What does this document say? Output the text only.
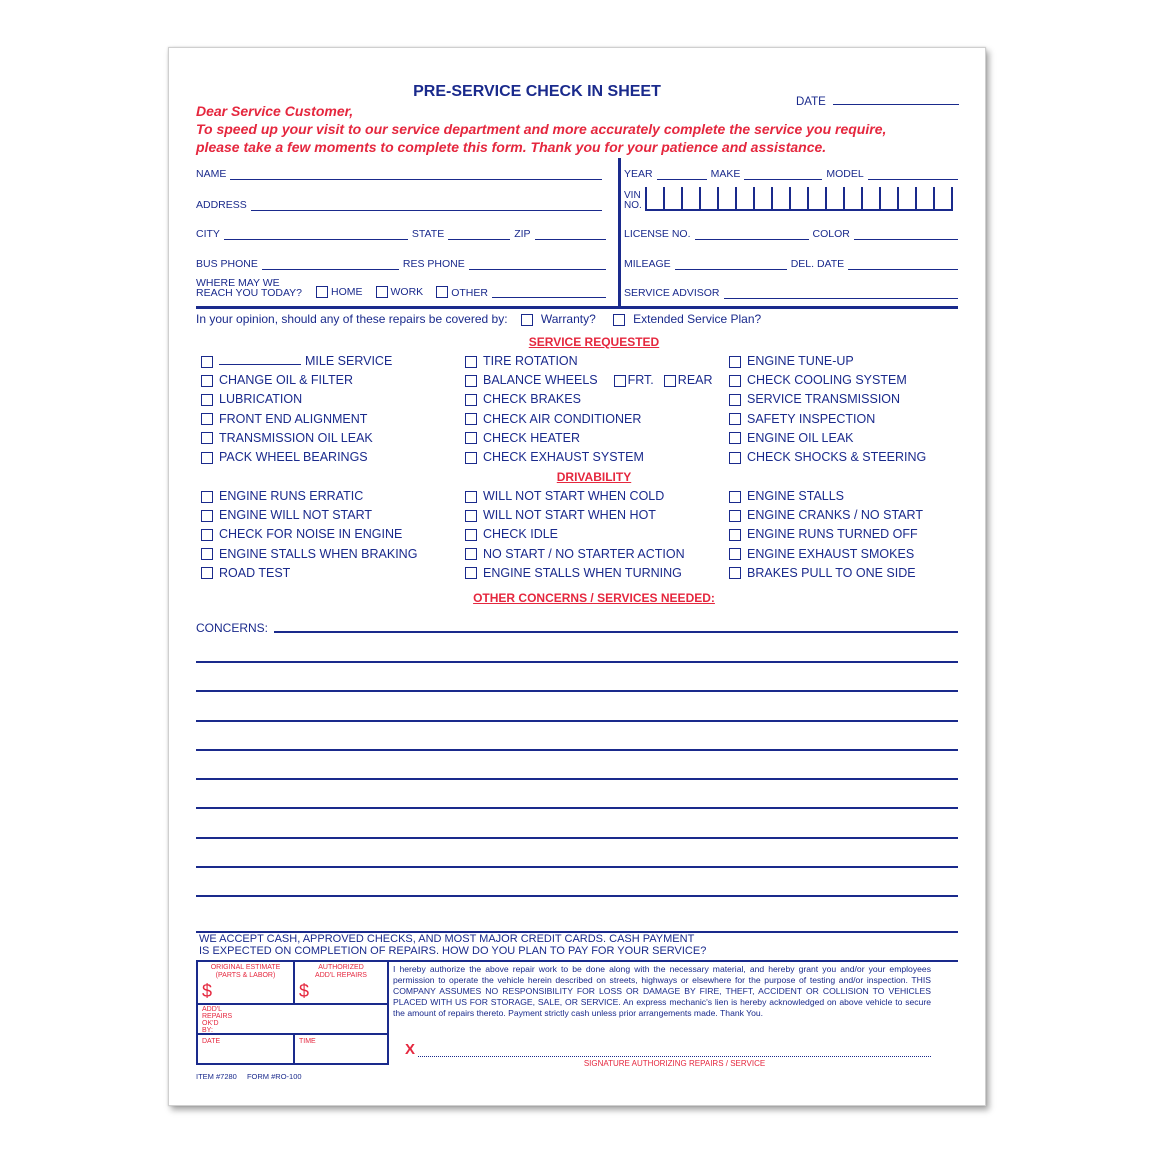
PRE-SERVICE CHECK IN SHEET
DATE
Dear Service Customer,
To speed up your visit to our service department and more accurately complete the service you require,
please take a few moments to complete this form. Thank you for your patience and assistance.
NAME
ADDRESS
CITY	STATE	ZIP
BUS PHONE	RES PHONE
WHERE MAY WE
REACH YOU TODAY?	HOME	WORK	OTHER
YEAR	MAKE	MODEL
VIN
NO.
LICENSE NO.	COLOR
MILEAGE	DEL. DATE
SERVICE ADVISOR
In your opinion, should any of these repairs be covered by:	Warranty?	Extended Service Plan?
SERVICE REQUESTED
MILE SERVICE
CHANGE OIL & FILTER
LUBRICATION
FRONT END ALIGNMENT
TRANSMISSION OIL LEAK
PACK WHEEL BEARINGS
TIRE ROTATION
BALANCE WHEELS FRT. REAR
CHECK BRAKES
CHECK AIR CONDITIONER
CHECK HEATER
CHECK EXHAUST SYSTEM
ENGINE TUNE-UP
CHECK COOLING SYSTEM
SERVICE TRANSMISSION
SAFETY INSPECTION
ENGINE OIL LEAK
CHECK SHOCKS & STEERING
DRIVABILITY
ENGINE RUNS ERRATIC
ENGINE WILL NOT START
CHECK FOR NOISE IN ENGINE
ENGINE STALLS WHEN BRAKING
ROAD TEST
WILL NOT START WHEN COLD
WILL NOT START WHEN HOT
CHECK IDLE
NO START / NO STARTER ACTION
ENGINE STALLS WHEN TURNING
ENGINE STALLS
ENGINE CRANKS / NO START
ENGINE RUNS TURNED OFF
ENGINE EXHAUST SMOKES
BRAKES PULL TO ONE SIDE
OTHER CONCERNS / SERVICES NEEDED:
CONCERNS:
WE ACCEPT CASH, APPROVED CHECKS, AND MOST MAJOR CREDIT CARDS. CASH PAYMENT
IS EXPECTED ON COMPLETION OF REPAIRS. HOW DO YOU PLAN TO PAY FOR YOUR SERVICE?
ORIGINAL ESTIMATE
(PARTS & LABOR)
$
AUTHORIZED
ADD'L REPAIRS
$
ADD'L
REPAIRS
OK'D
BY:
DATE	TIME
I hereby authorize the above repair work to be done along with the necessary material, and hereby grant you and/or your employees permission to operate the vehicle herein described on streets, highways or elsewhere for the purpose of testing and/or inspection. THIS COMPANY ASSUMES NO RESPONSIBILITY FOR LOSS OR DAMAGE BY FIRE, THEFT, ACCIDENT OR COLLISION TO VEHICLES PLACED WITH US FOR STORAGE, SALE, OR SERVICE. An express mechanic's lien is hereby acknowledged on above vehicle to secure the amount of repairs thereto. Payment strictly cash unless prior arrangements made. Thank You.
X
SIGNATURE AUTHORIZING REPAIRS / SERVICE
ITEM #7280 FORM #RO-100
